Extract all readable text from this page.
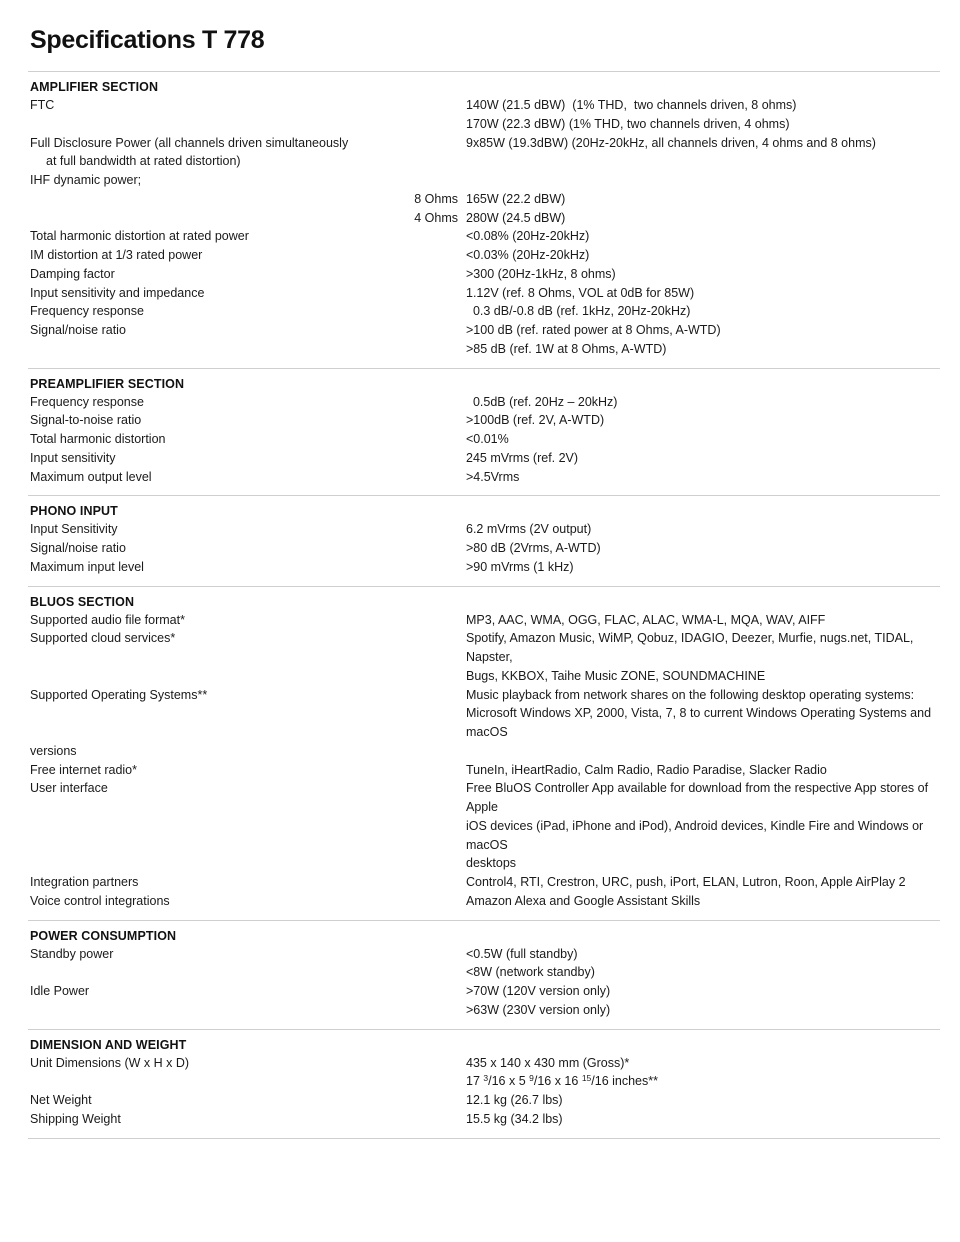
Specifications T 778
AMPLIFIER SECTION
FTC	140W (21.5 dBW)  (1% THD,  two channels driven, 8 ohms)
170W (22.3 dBW) (1% THD, two channels driven, 4 ohms)
Full Disclosure Power (all channels driven simultaneously	9x85W (19.3dBW) (20Hz-20kHz, all channels driven, 4 ohms and 8 ohms)
at full bandwidth at rated distortion)
IHF dynamic power;
8 Ohms 165W (22.2 dBW)
4 Ohms 280W (24.5 dBW)
Total harmonic distortion at rated power	<0.08% (20Hz-20kHz)
IM distortion at 1/3 rated power	<0.03% (20Hz-20kHz)
Damping factor	>300 (20Hz-1kHz, 8 ohms)
Input sensitivity and impedance	1.12V (ref. 8 Ohms, VOL at 0dB for 85W)
Frequency response	0.3 dB/-0.8 dB (ref. 1kHz, 20Hz-20kHz)
Signal/noise ratio	>100 dB (ref. rated power at 8 Ohms, A-WTD)
>85 dB (ref. 1W at 8 Ohms, A-WTD)
PREAMPLIFIER SECTION
Frequency response	0.5dB (ref. 20Hz – 20kHz)
Signal-to-noise ratio	>100dB (ref. 2V, A-WTD)
Total harmonic distortion	<0.01%
Input sensitivity	245 mVrms (ref. 2V)
Maximum output level	>4.5Vrms
PHONO INPUT
Input Sensitivity	6.2 mVrms (2V output)
Signal/noise ratio	>80 dB (2Vrms, A-WTD)
Maximum input level	>90 mVrms (1 kHz)
BLUOS SECTION
Supported audio file format*	MP3, AAC, WMA, OGG, FLAC, ALAC, WMA-L, MQA, WAV, AIFF
Supported cloud services*	Spotify, Amazon Music, WiMP, Qobuz, IDAGIO, Deezer, Murfie, nugs.net, TIDAL, Napster,
Bugs, KKBOX, Taihe Music ZONE, SOUNDMACHINE
Supported Operating Systems**	Music playback from network shares on the following desktop operating systems:
Microsoft Windows XP, 2000, Vista, 7, 8 to current Windows Operating Systems and macOS
versions
Free internet radio*	TuneIn, iHeartRadio, Calm Radio, Radio Paradise, Slacker Radio
User interface	Free BluOS Controller App available for download from the respective App stores of Apple
iOS devices (iPad, iPhone and iPod), Android devices, Kindle Fire and Windows or macOS
desktops
Integration partners	Control4, RTI, Crestron, URC, push, iPort, ELAN, Lutron, Roon, Apple AirPlay 2
Voice control integrations	Amazon Alexa and Google Assistant Skills
POWER CONSUMPTION
Standby power	<0.5W (full standby)
<8W (network standby)
Idle Power	>70W (120V version only)
>63W (230V version only)
DIMENSION AND WEIGHT
Unit Dimensions (W x H x D)	435 x 140 x 430 mm (Gross)*
17 $^3$/16 x 5 $^9$/16 x 16 $^{15}$/16 inches**
Net Weight	12.1 kg (26.7 lbs)
Shipping Weight	15.5 kg (34.2 lbs)
